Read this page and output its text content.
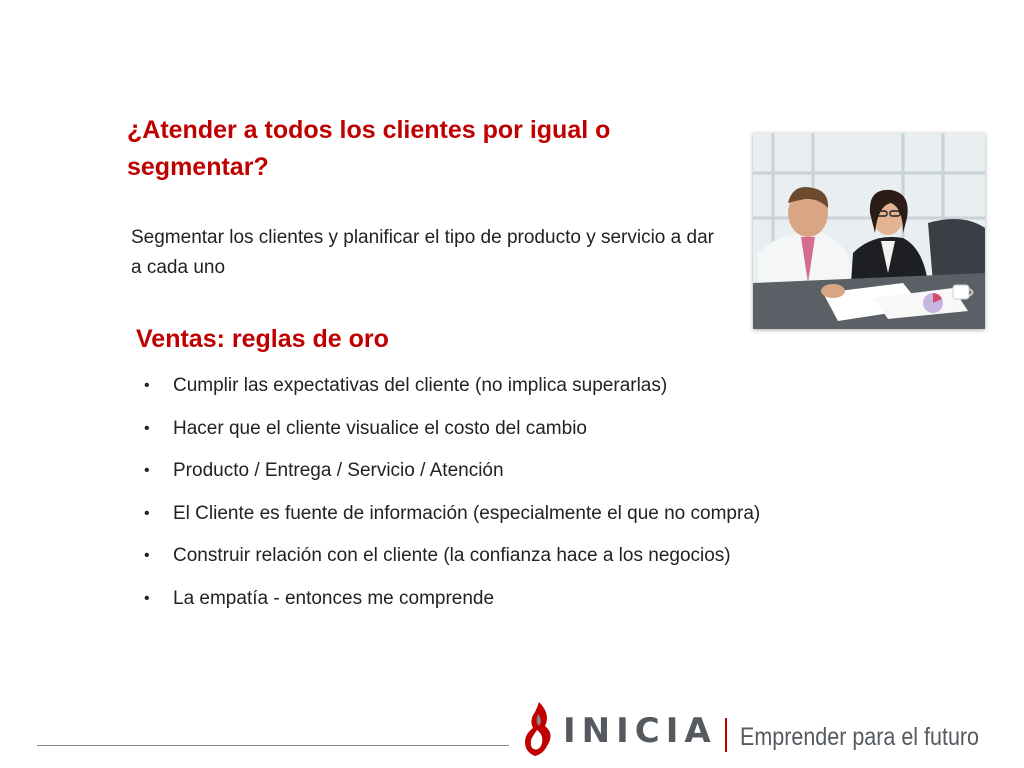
¿Atender a todos los clientes por igual o segmentar?
Segmentar los clientes y planificar el tipo de producto y servicio a dar a cada uno
Ventas: reglas de oro
• Cumplir las expectativas del cliente (no implica superarlas)
• Hacer que el cliente visualice el costo del cambio
• Producto / Entrega / Servicio / Atención
• El Cliente es fuente de información (especialmente el que no compra)
• Construir relación con el cliente (la confianza hace a los negocios)
• La empatía - entonces me comprende
INICIA Emprender para el futuro
